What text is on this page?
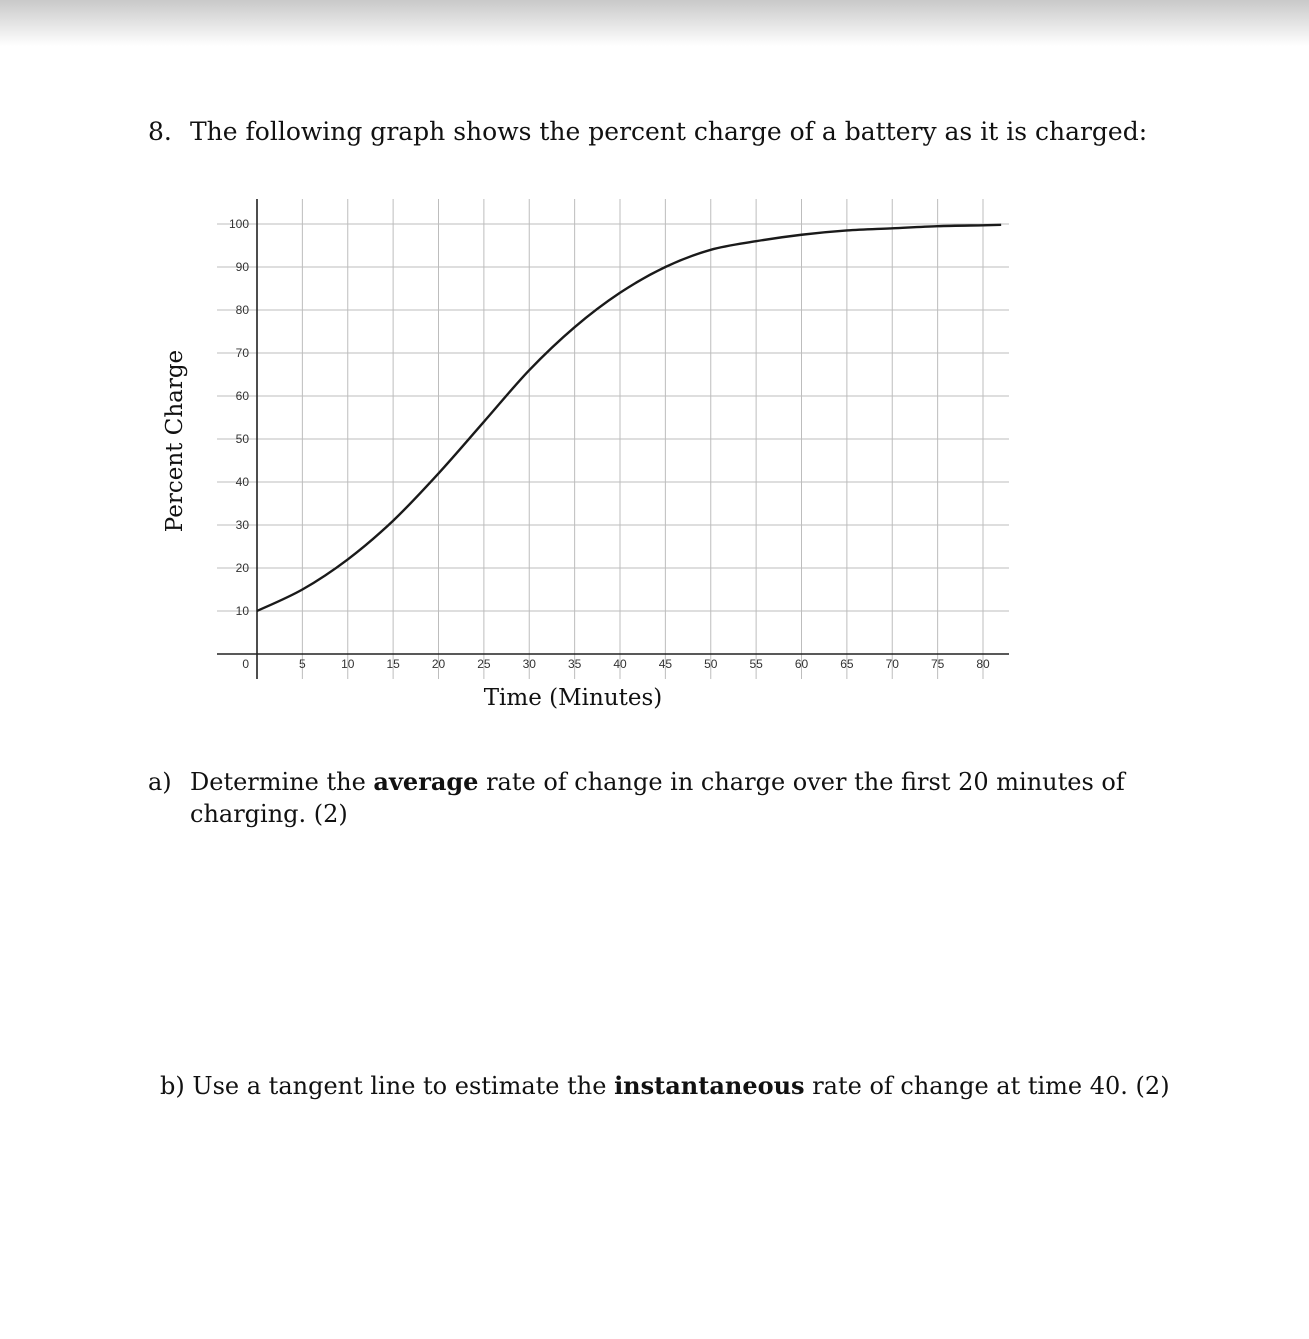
8. The following graph shows the percent charge of a battery as it is charged:
10
20
30
40
50
60
70
80
90
100
0	5	10	15	20	25	30	35	40	45	50	55	60	65	70	75	80
Time (Minutes)
Percent Charge
a) Determine the average rate of change in charge over the first 20 minutes of charging. (2)
b) Use a tangent line to estimate the instantaneous rate of change at time 40. (2)
